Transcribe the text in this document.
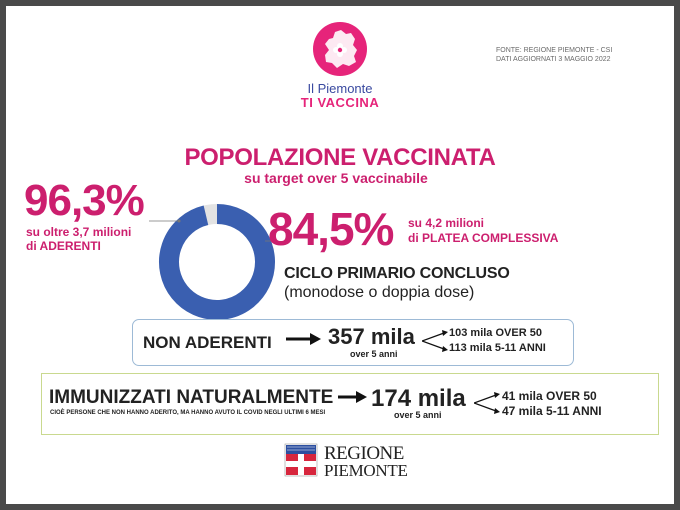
Il Piemonte
TI VACCINA
FONTE: REGIONE PIEMONTE - CSI
DATI AGGIORNATI 3 MAGGIO 2022
POPOLAZIONE VACCINATA
su target over 5 vaccinabile
96,3%
su oltre 3,7 milioni
di ADERENTI	84,5% su 4,2 milioni
di PLATEA COMPLESSIVA
CICLO PRIMARIO CONCLUSO
(monodose o doppia dose)
NON ADERENTI	357 mila
over 5 anni
103 mila OVER 50
113 mila 5-11 ANNI
IMMUNIZZATI NATURALMENTE
CIOÈ PERSONE CHE NON HANNO ADERITO, MA HANNO AVUTO IL COVID NEGLI ULTIMI 6 MESI
174 mila
over 5 anni
41 mila OVER 50
47 mila 5-11 ANNI
REGIONE
PIEMONTE
